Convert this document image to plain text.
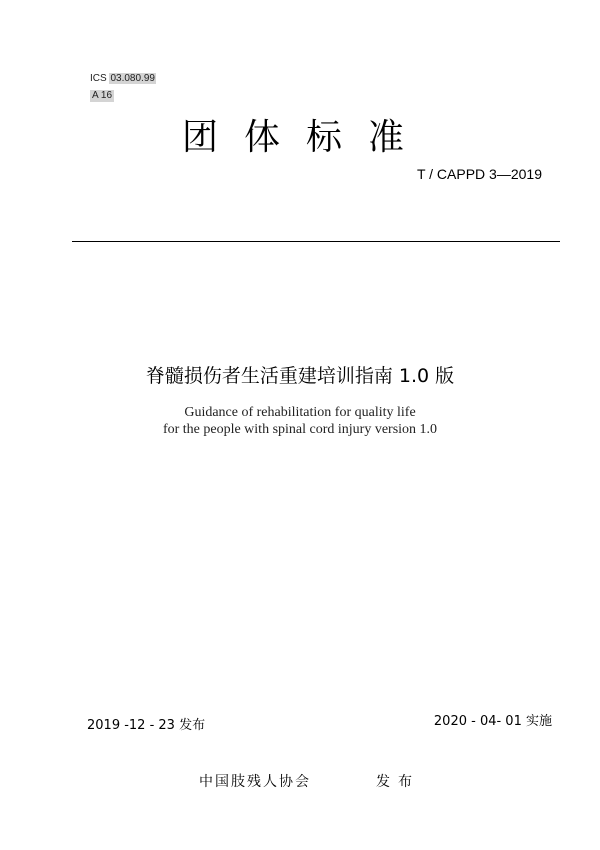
ICS 03.080.99
A 16
团体标准
T / CAPPD 3—2019
脊髓损伤者生活重建培训指南 1.0 版
Guidance of rehabilitation for quality life
for the people with spinal cord injury version 1.0
2019 -12 - 23 发布	2020 - 04- 01 实施
中国肢残人协会	发布
